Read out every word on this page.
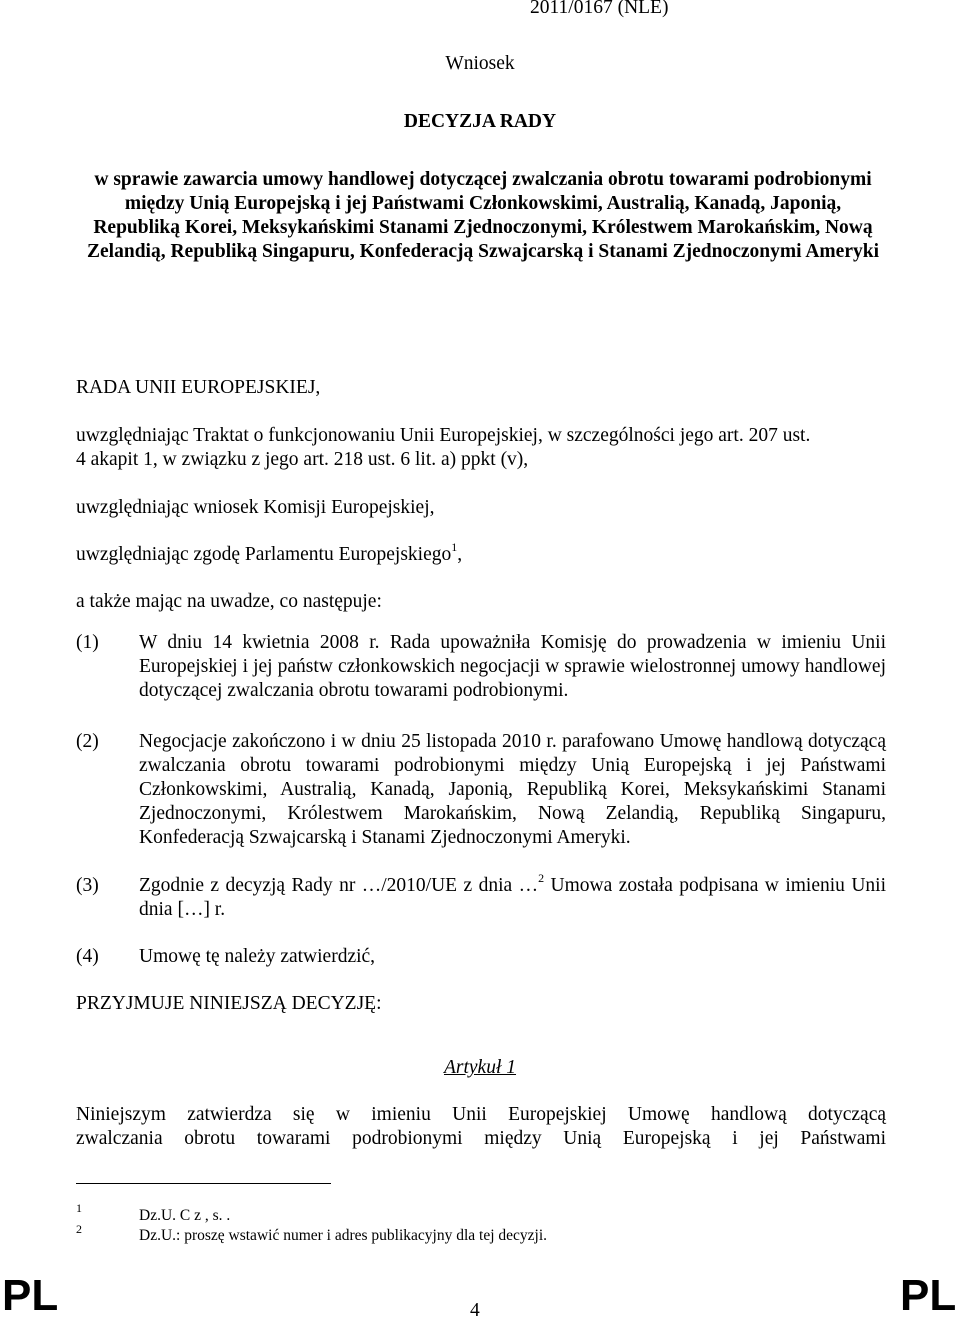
2011/0167 (NLE)
Wniosek
DECYZJA RADY
w sprawie zawarcia umowy handlowej dotyczącej zwalczania obrotu towarami podrobionymi między Unią Europejską i jej Państwami Członkowskimi, Australią, Kanadą, Japonią, Republiką Korei, Meksykańskimi Stanami Zjednoczonymi, Królestwem Marokańskim, Nową Zelandią, Republiką Singapuru, Konfederacją Szwajcarską i Stanami Zjednoczonymi Ameryki
RADA UNII EUROPEJSKIEJ,
uwzględniając Traktat o funkcjonowaniu Unii Europejskiej, w szczególności jego art. 207 ust.
4 akapit 1, w związku z jego art. 218 ust. 6 lit. a) ppkt (v),
uwzględniając wniosek Komisji Europejskiej,
uwzględniając zgodę Parlamentu Europejskiego$^1$,
a także mając na uwadze, co następuje:
(1) W dniu 14 kwietnia 2008 r. Rada upoważniła Komisję do prowadzenia w imieniu Unii Europejskiej i jej państw członkowskich negocjacji w sprawie wielostronnej umowy handlowej dotyczącej zwalczania obrotu towarami podrobionymi.
(2) Negocjacje zakończono i w dniu 25 listopada 2010 r. parafowano Umowę handlową dotyczącą zwalczania obrotu towarami podrobionymi między Unią Europejską i jej Państwami Członkowskimi, Australią, Kanadą, Japonią, Republiką Korei, Meksykańskimi Stanami Zjednoczonymi, Królestwem Marokańskim, Nową Zelandią, Republiką Singapuru, Konfederacją Szwajcarską i Stanami Zjednoczonymi Ameryki.
(3) Zgodnie z decyzją Rady nr …/2010/UE z dnia …$^2$ Umowa została podpisana w imieniu Unii dnia […] r.
(4) Umowę tę należy zatwierdzić,
PRZYJMUJE NINIEJSZĄ DECYZJĘ:
Artykuł 1
Niniejszym zatwierdza się w imieniu Unii Europejskiej Umowę handlową dotyczącą
zwalczania obrotu towarami podrobionymi między Unią Europejską i jej Państwami
1	Dz.U. C z , s. .
2	Dz.U.: proszę wstawić numer i adres publikacyjny dla tej decyzji.
PL	4	PL
